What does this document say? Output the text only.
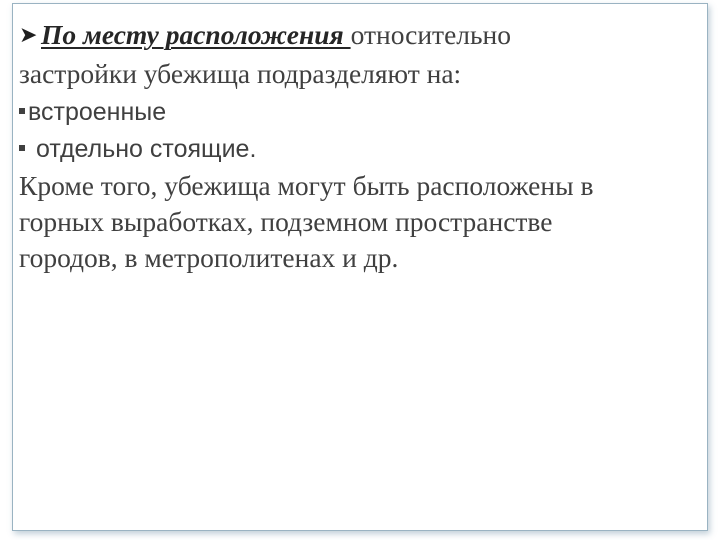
➤ По месту расположения относительно
застройки убежища подразделяют на:
встроенные
отдельно стоящие.
Кроме того, убежища могут быть расположены в
горных выработках, подземном пространстве
городов, в метрополитенах и др.
